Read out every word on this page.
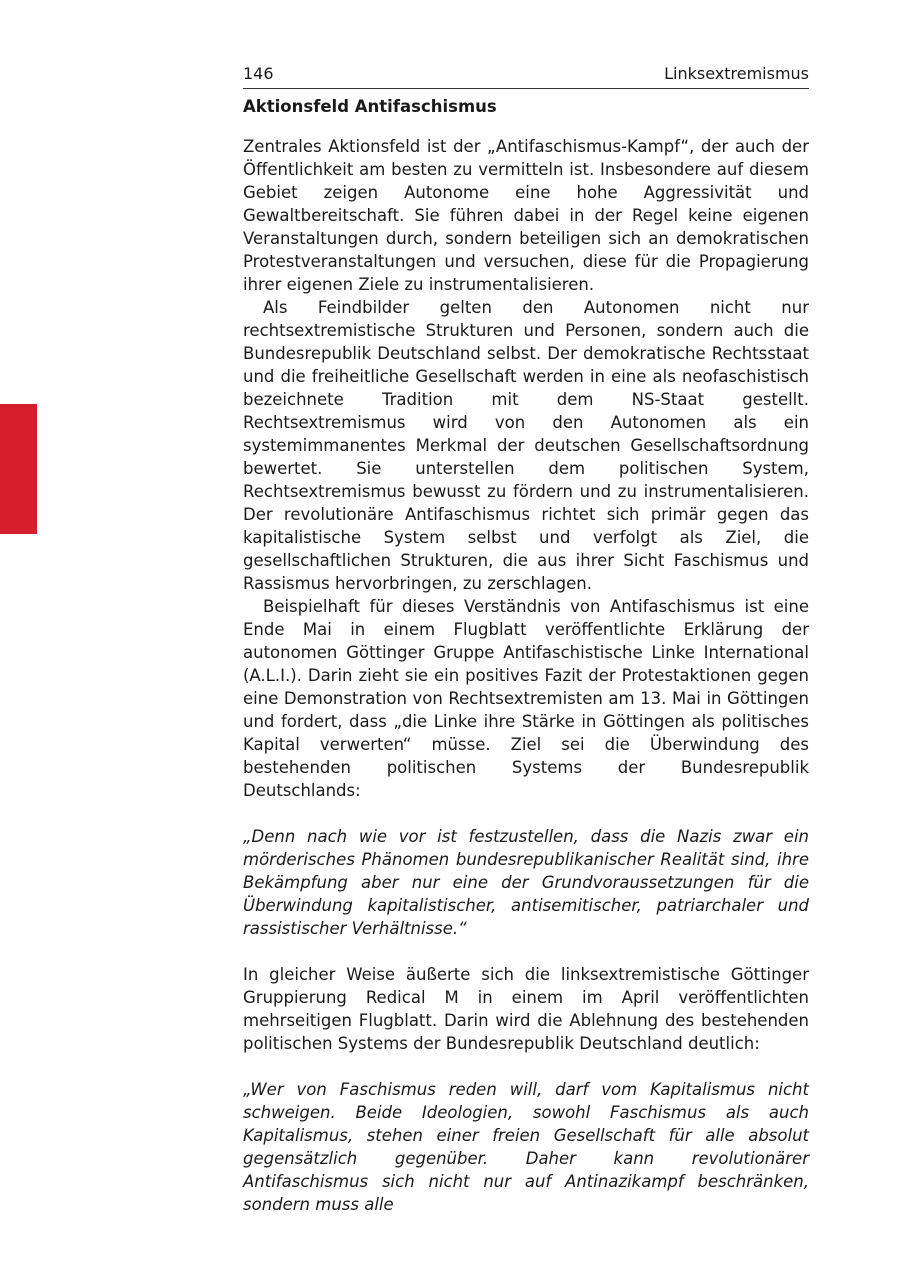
146	Linksextremismus
Aktionsfeld Antifaschismus

Zentrales Aktionsfeld ist der „Antifaschismus-Kampf“, der auch der Öffentlichkeit am besten zu vermitteln ist. Insbesondere auf diesem Gebiet zeigen Autonome eine hohe Aggressivität und Gewaltbereitschaft. Sie führen dabei in der Regel keine eigenen Veranstaltungen durch, sondern beteiligen sich an demokratischen Protestveranstaltungen und versuchen, diese für die Propagierung ihrer eigenen Ziele zu instrumentalisieren.

Als Feindbilder gelten den Autonomen nicht nur rechtsextremistische Strukturen und Personen, sondern auch die Bundesrepublik Deutschland selbst. Der demokratische Rechtsstaat und die freiheitliche Gesellschaft werden in eine als neofaschistisch bezeichnete Tradition mit dem NS-Staat gestellt. Rechtsextremismus wird von den Autonomen als ein systemimmanentes Merkmal der deutschen Gesellschaftsordnung bewertet. Sie unterstellen dem politischen System, Rechtsextremismus bewusst zu fördern und zu instrumentalisieren. Der revolutionäre Antifaschismus richtet sich primär gegen das kapitalistische System selbst und verfolgt als Ziel, die gesellschaftlichen Strukturen, die aus ihrer Sicht Faschismus und Rassismus hervorbringen, zu zerschlagen.

Beispielhaft für dieses Verständnis von Antifaschismus ist eine Ende Mai in einem Flugblatt veröffentlichte Erklärung der autonomen Göttinger Gruppe Antifaschistische Linke International (A.L.I.). Darin zieht sie ein positives Fazit der Protestaktionen gegen eine Demonstration von Rechtsextremisten am 13. Mai in Göttingen und fordert, dass „die Linke ihre Stärke in Göttingen als politisches Kapital verwerten“ müsse. Ziel sei die Überwindung des bestehenden politischen Systems der Bundesrepublik Deutschlands:

„Denn nach wie vor ist festzustellen, dass die Nazis zwar ein mörderisches Phänomen bundesrepublikanischer Realität sind, ihre Bekämpfung aber nur eine der Grundvoraussetzungen für die Überwindung kapitalistischer, antisemitischer, patriarchaler und rassistischer Verhältnisse.“

In gleicher Weise äußerte sich die linksextremistische Göttinger Gruppierung Redical M in einem im April veröffentlichten mehrseitigen Flugblatt. Darin wird die Ablehnung des bestehenden politischen Systems der Bundesrepublik Deutschland deutlich:

„Wer von Faschismus reden will, darf vom Kapitalismus nicht schweigen. Beide Ideologien, sowohl Faschismus als auch Kapitalismus, stehen einer freien Gesellschaft für alle absolut gegensätzlich gegenüber. Daher kann revolutionärer Antifaschismus sich nicht nur auf Antinazikampf beschränken, sondern muss alle
